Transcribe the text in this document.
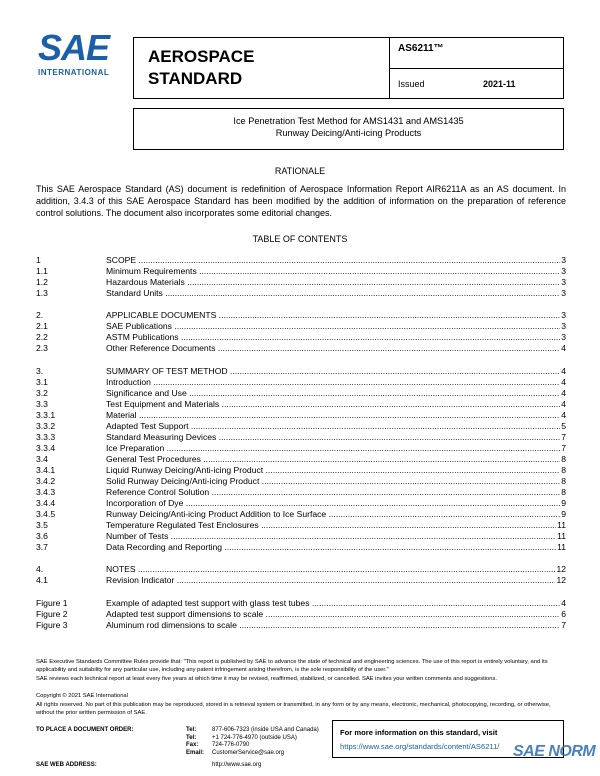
SAE
INTERNATIONAL
AEROSPACE
STANDARD
AS6211™
Issued	2021-11
Ice Penetration Test Method for AMS1431 and AMS1435
Runway Deicing/Anti-icing Products
RATIONALE
This SAE Aerospace Standard (AS) document is redefinition of Aerospace Information Report AIR6211A as an AS document. In addition, 3.4.3 of this SAE Aerospace Standard has been modified by the addition of information on the preparation of reference control solutions. The document also incorporates some editorial changes.
TABLE OF CONTENTS
1	SCOPE .....	3
1.1	Minimum Requirements .....	3
1.2	Hazardous Materials .....	3
1.3	Standard Units .....	3
2.	APPLICABLE DOCUMENTS .....	3
2.1	SAE Publications .....	3
2.2	ASTM Publications .....	3
2.3	Other Reference Documents .....	4
3.	SUMMARY OF TEST METHOD .....	4
3.1	Introduction .....	4
3.2	Significance and Use .....	4
3.3	Test Equipment and Materials .....	4
3.3.1	Material .....	4
3.3.2	Adapted Test Support .....	5
3.3.3	Standard Measuring Devices .....	7
3.3.4	Ice Preparation .....	7
3.4	General Test Procedures .....	8
3.4.1	Liquid Runway Deicing/Anti-icing Product .....	8
3.4.2	Solid Runway Deicing/Anti-icing Product .....	8
3.4.3	Reference Control Solution .....	8
3.4.4	Incorporation of Dye .....	9
3.4.5	Runway Deicing/Anti-icing Product Addition to Ice Surface .....	9
3.5	Temperature Regulated Test Enclosures .....	11
3.6	Number of Tests .....	11
3.7	Data Recording and Reporting .....	11
4.	NOTES .....	12
4.1	Revision Indicator .....	12
Figure 1	Example of adapted test support with glass test tubes .....	4
Figure 2	Adapted test support dimensions to scale .....	6
Figure 3	Aluminum rod dimensions to scale .....	7
SAE Executive Standards Committee Rules provide that: "This report is published by SAE to advance the state of technical and engineering sciences. The use of this report is entirely voluntary, and its applicability and suitability for any particular use, including any patent infringement arising therefrom, is the sole responsibility of the user."
SAE reviews each technical report at least every five years at which time it may be revised, reaffirmed, stabilized, or cancelled. SAE invites your written comments and suggestions.
Copyright © 2021 SAE International
All rights reserved. No part of this publication may be reproduced, stored in a retrieval system or transmitted, in any form or by any means, electronic, mechanical, photocopying, recording, or otherwise, without the prior written permission of SAE.
TO PLACE A DOCUMENT ORDER:	Tel:	877-606-7323 (inside USA and Canada)
Tel:	+1 724-776-4970 (outside USA)
Fax: 724-776-0790
Email: CustomerService@sae.org
SAE WEB ADDRESS:	http://www.sae.org
For more information on this standard, visit
https://www.sae.org/standards/content/AS6211/ SAE NORM
